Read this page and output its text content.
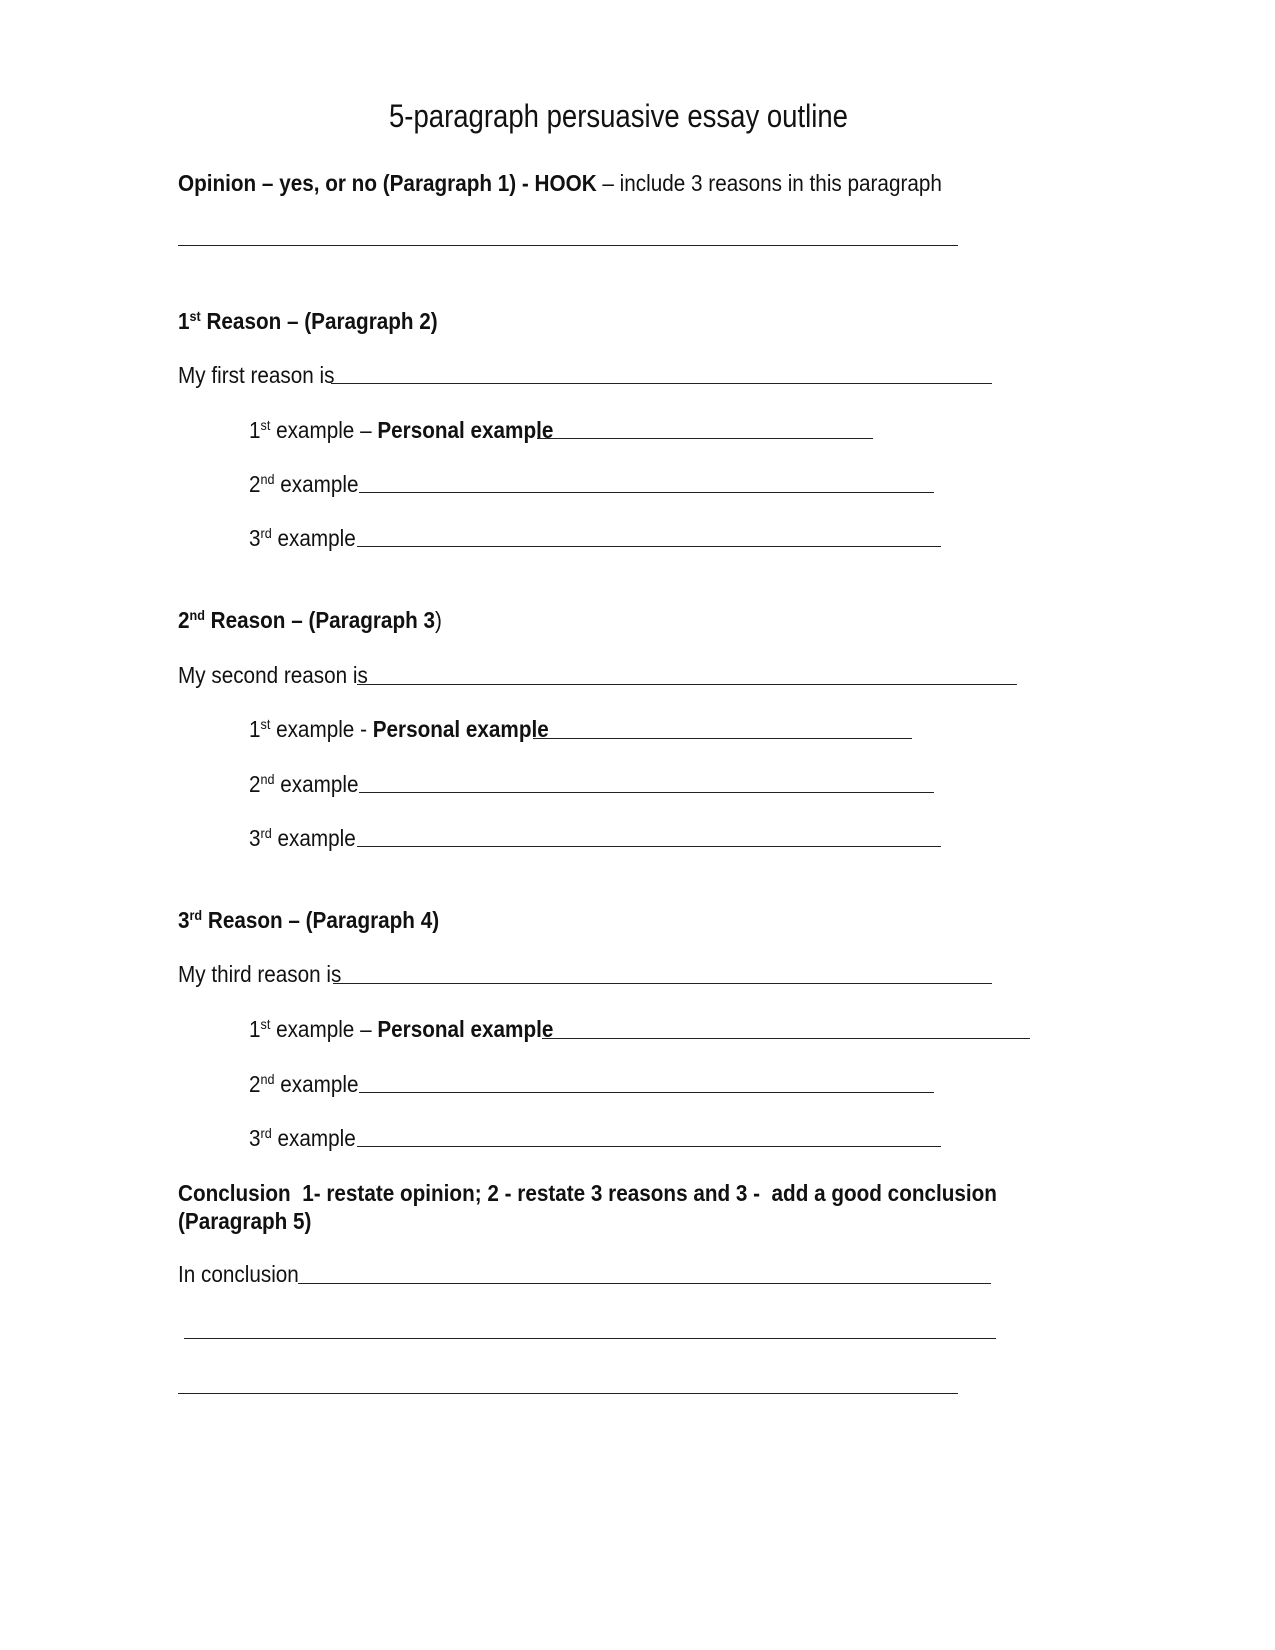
5-paragraph persuasive essay outline
Opinion – yes, or no (Paragraph 1) - HOOK – include 3 reasons in this paragraph
1st Reason – (Paragraph 2)
My first reason is
1st example – Personal example
2nd example
3rd example
2nd Reason – (Paragraph 3)
My second reason is
1st example - Personal example
2nd example
3rd example
3rd Reason – (Paragraph 4)
My third reason is
1st example – Personal example
2nd example
3rd example
Conclusion  1- restate opinion; 2 - restate 3 reasons and 3 -  add a good conclusion
(Paragraph 5)
In conclusion
